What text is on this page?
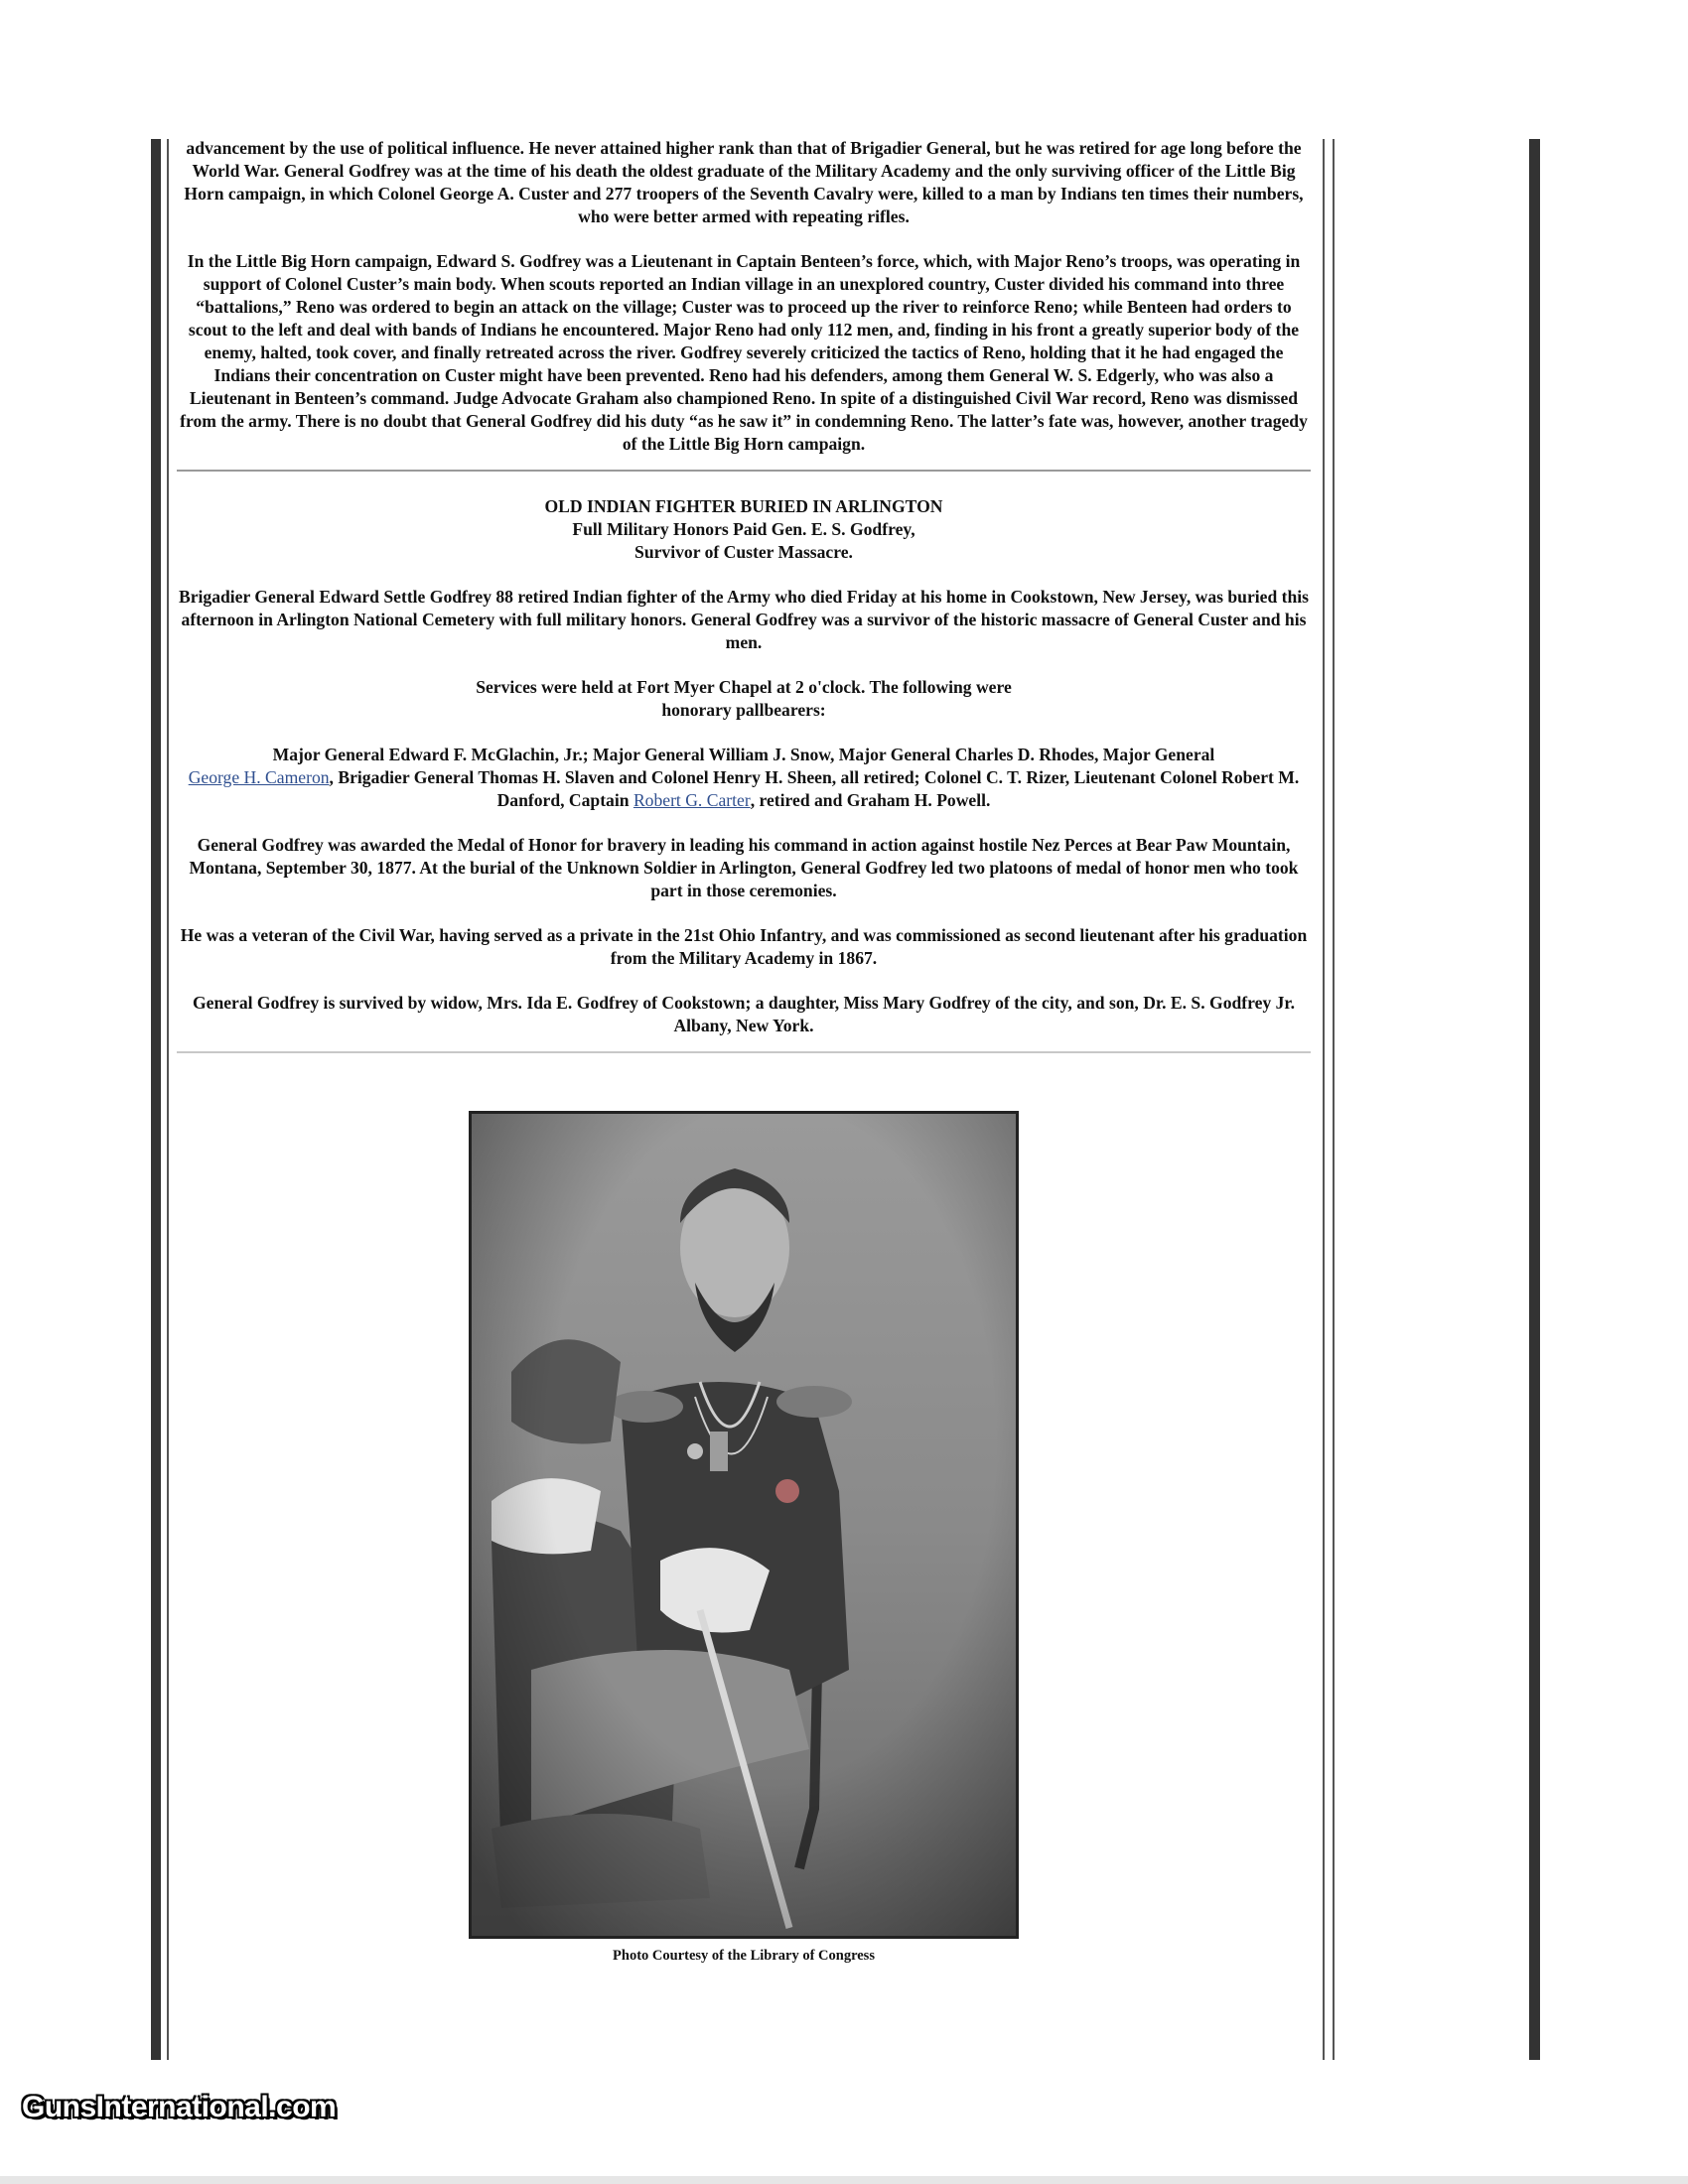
advancement by the use of political influence. He never attained higher rank than that of Brigadier General, but he was retired for age long before the World War. General Godfrey was at the time of his death the oldest graduate of the Military Academy and the only surviving officer of the Little Big Horn campaign, in which Colonel George A. Custer and 277 troopers of the Seventh Cavalry were, killed to a man by Indians ten times their numbers, who were better armed with repeating rifles.

In the Little Big Horn campaign, Edward S. Godfrey was a Lieutenant in Captain Benteen’s force, which, with Major Reno’s troops, was operating in support of Colonel Custer’s main body. When scouts reported an Indian village in an unexplored country, Custer divided his command into three “battalions,” Reno was ordered to begin an attack on the village; Custer was to proceed up the river to reinforce Reno; while Benteen had orders to scout to the left and deal with bands of Indians he encountered. Major Reno had only 112 men, and, finding in his front a greatly superior body of the enemy, halted, took cover, and finally retreated across the river. Godfrey severely criticized the tactics of Reno, holding that it he had engaged the Indians their concentration on Custer might have been prevented. Reno had his defenders, among them General W. S. Edgerly, who was also a Lieutenant in Benteen’s command. Judge Advocate Graham also championed Reno. In spite of a distinguished Civil War record, Reno was dismissed from the army. There is no doubt that General Godfrey did his duty “as he saw it” in condemning Reno. The latter’s fate was, however, another tragedy of the Little Big Horn campaign.

OLD INDIAN FIGHTER BURIED IN ARLINGTON
Full Military Honors Paid Gen. E. S. Godfrey,
Survivor of Custer Massacre.

Brigadier General Edward Settle Godfrey 88 retired Indian fighter of the Army who died Friday at his home in Cookstown, New Jersey, was buried this afternoon in Arlington National Cemetery with full military honors. General Godfrey was a survivor of the historic massacre of General Custer and his men.

Services were held at Fort Myer Chapel at 2 o'clock. The following were
honorary pallbearers:

Major General Edward F. McGlachin, Jr.; Major General William J. Snow, Major General Charles D. Rhodes, Major General
George H. Cameron, Brigadier General Thomas H. Slaven and Colonel Henry H. Sheen, all retired; Colonel C. T. Rizer, Lieutenant Colonel Robert M. Danford, Captain Robert G. Carter, retired and Graham H. Powell.

General Godfrey was awarded the Medal of Honor for bravery in leading his command in action against hostile Nez Perces at Bear Paw Mountain, Montana, September 30, 1877. At the burial of the Unknown Soldier in Arlington, General Godfrey led two platoons of medal of honor men who took part in those ceremonies.

He was a veteran of the Civil War, having served as a private in the 21st Ohio Infantry, and was commissioned as second lieutenant after his graduation from the Military Academy in 1867.

General Godfrey is survived by widow, Mrs. Ida E. Godfrey of Cookstown; a daughter, Miss Mary Godfrey of the city, and son, Dr. E. S. Godfrey Jr. Albany, New York.

Photo Courtesy of the Library of Congress
GunsInternational.com
